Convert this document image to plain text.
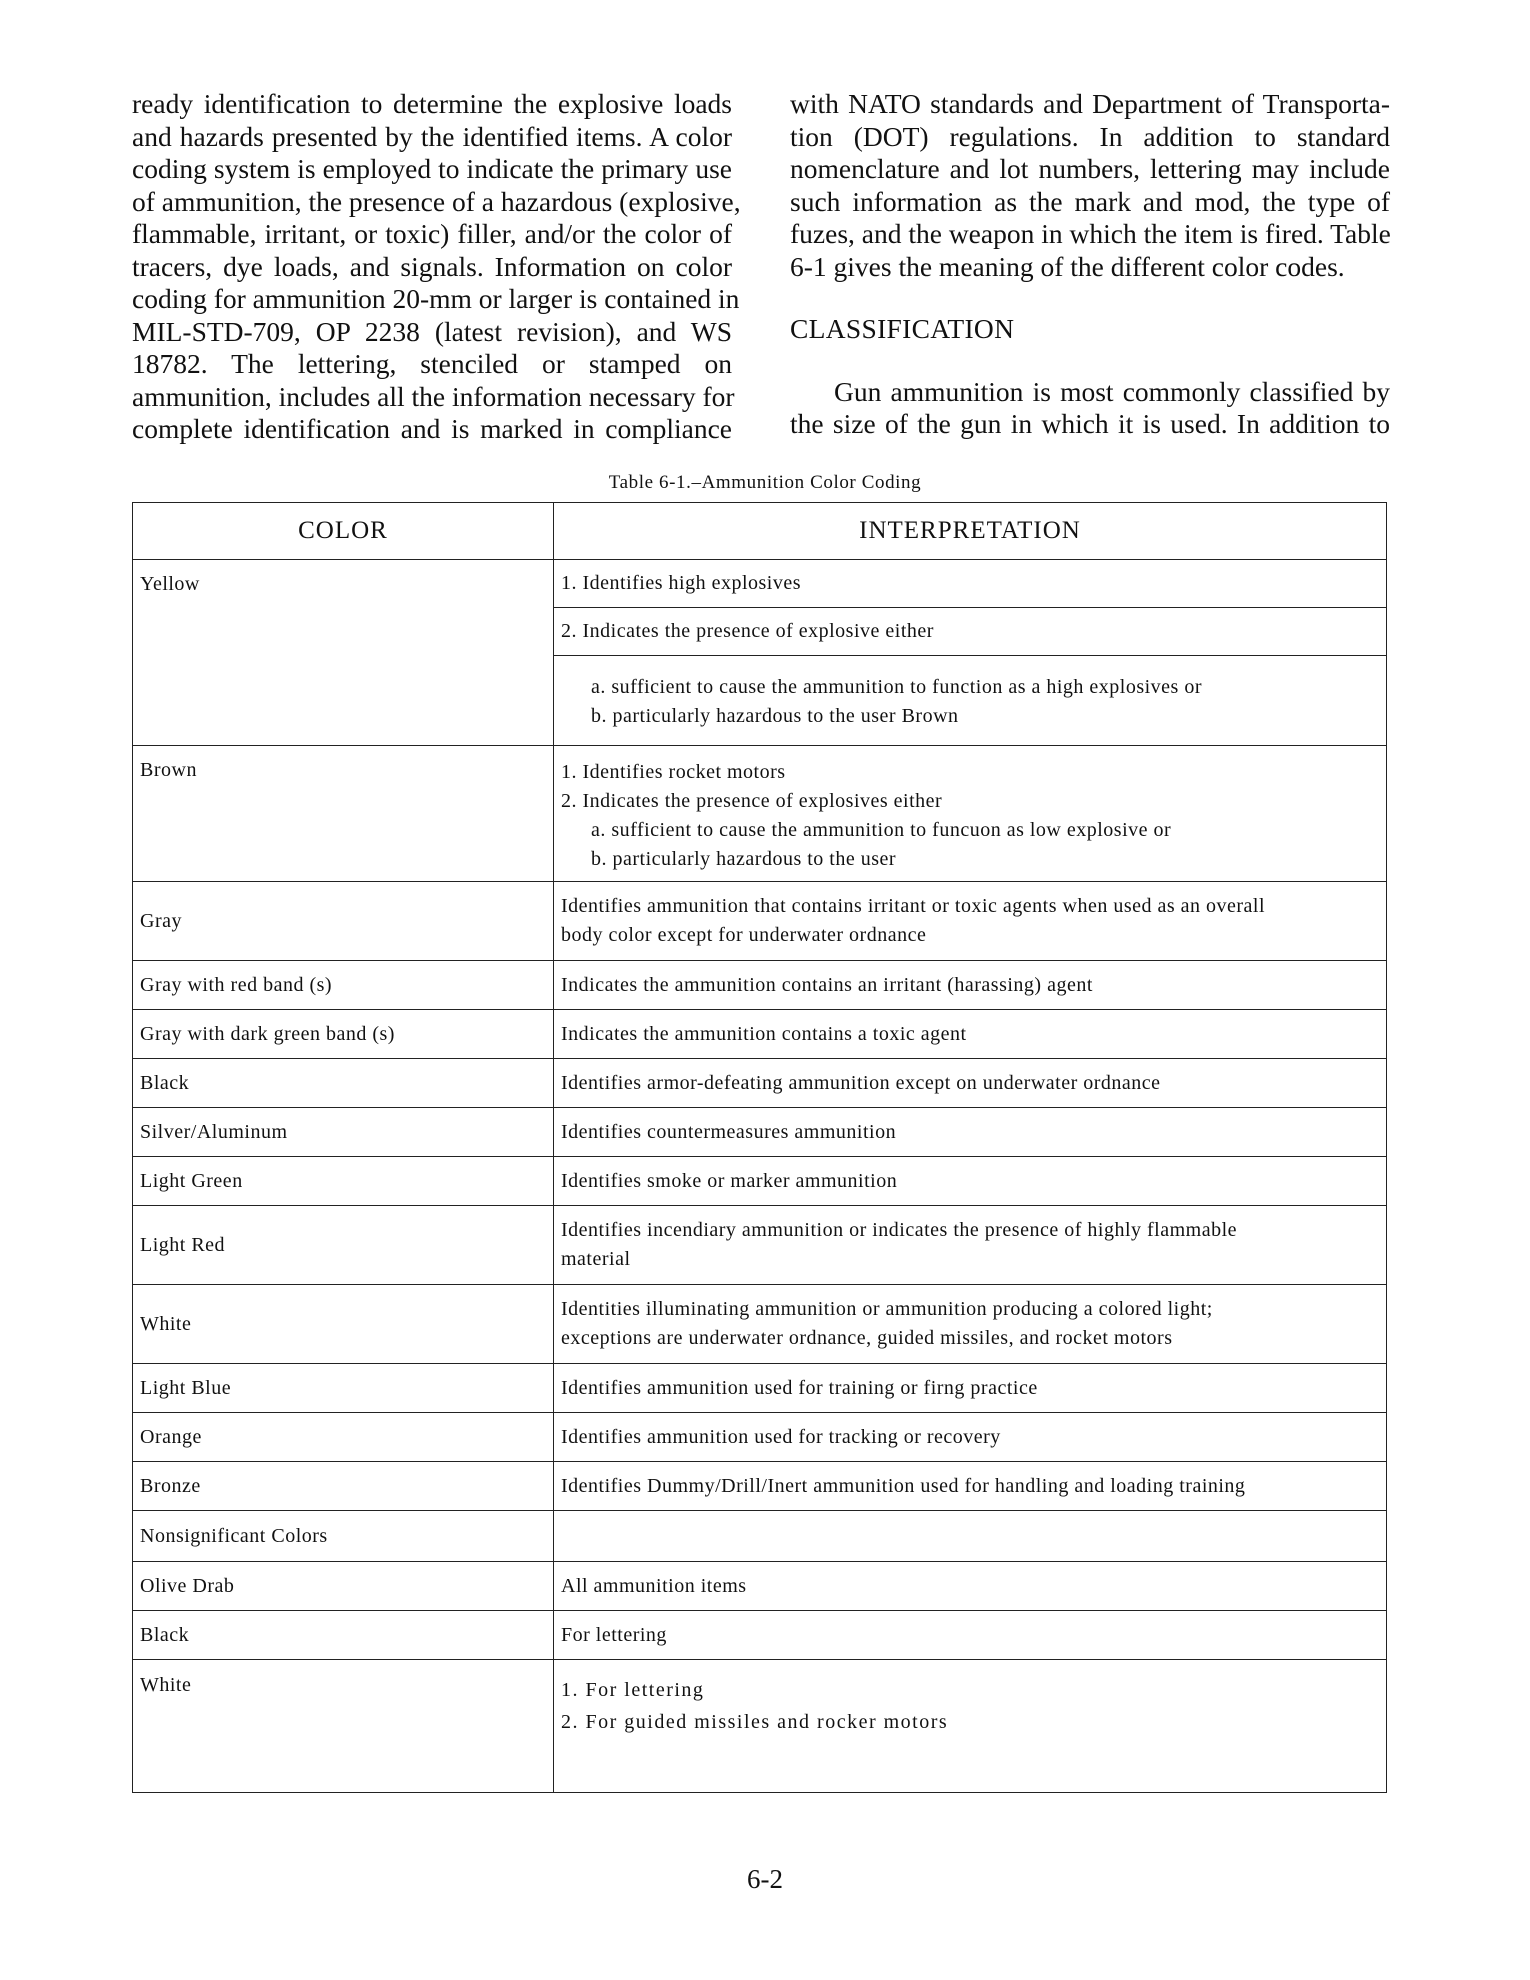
ready identification to determine the explosive loads
and hazards presented by the identified items. A color
coding system is employed to indicate the primary use
of ammunition, the presence of a hazardous (explosive,
flammable, irritant, or toxic) filler, and/or the color of
tracers, dye loads, and signals. Information on color
coding for ammunition 20-mm or larger is contained in
MIL-STD-709, OP 2238 (latest revision), and WS
18782. The lettering, stenciled or stamped on
ammunition, includes all the information necessary for
complete identification and is marked in compliance

with NATO standards and Department of Transporta-
tion (DOT) regulations. In addition to standard
nomenclature and lot numbers, lettering may include
such information as the mark and mod, the type of
fuzes, and the weapon in which the item is fired. Table
6-1 gives the meaning of the different color codes.

CLASSIFICATION

Gun ammunition is most commonly classified by
the size of the gun in which it is used. In addition to

Table 6-1.–Ammunition Color Coding
COLOR	INTERPRETATION
Yellow	1. Identifies high explosives
2. Indicates the presence of explosive either
a. sufficient to cause the ammunition to function as a high explosives or
b. particularly hazardous to the user Brown

Brown	1. Identifies rocket motors
2. Indicates the presence of explosives either
a. sufficient to cause the ammunition to funcuon as low explosive or
b. particularly hazardous to the user

Gray	Identifies ammunition that contains irritant or toxic agents when used as an overall
body color except for underwater ordnance

Gray with red band (s)	Indicates the ammunition contains an irritant (harassing) agent

Gray with dark green band (s)	Indicates the ammunition contains a toxic agent

Black	Identifies armor-defeating ammunition except on underwater ordnance

Silver/Aluminum	Identifies countermeasures ammunition

Light Green	Identifies smoke or marker ammunition

Light Red	Identifies incendiary ammunition or indicates the presence of highly flammable
material

White	Identities illuminating ammunition or ammunition producing a colored light;
exceptions are underwater ordnance, guided missiles, and rocket motors

Light Blue	Identifies ammunition used for training or firng practice

Orange	Identifies ammunition used for tracking or recovery

Bronze	Identifies Dummy/Drill/Inert ammunition used for handling and loading training

Nonsignificant Colors	
Olive Drab	All ammunition items

Black	For lettering

White	1. For lettering
2. For guided missiles and rocker motors
6-2
